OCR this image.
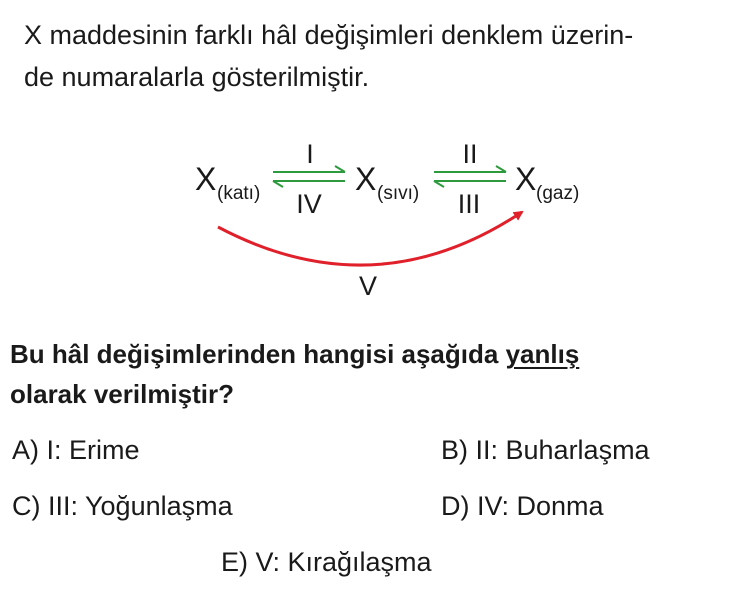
X maddesinin farklı hâl değişimleri denklem üzerin-
de numaralarla gösterilmiştir.
X (katı)	X (sıvı)	X (gaz)
I
IV
II
III
V
Bu hâl değişimlerinden hangisi aşağıda yanlış
olarak verilmiştir?
A) I: Erime	B) II: Buharlaşma
C) III: Yoğunlaşma	D) IV: Donma
E) V: Kırağılaşma
